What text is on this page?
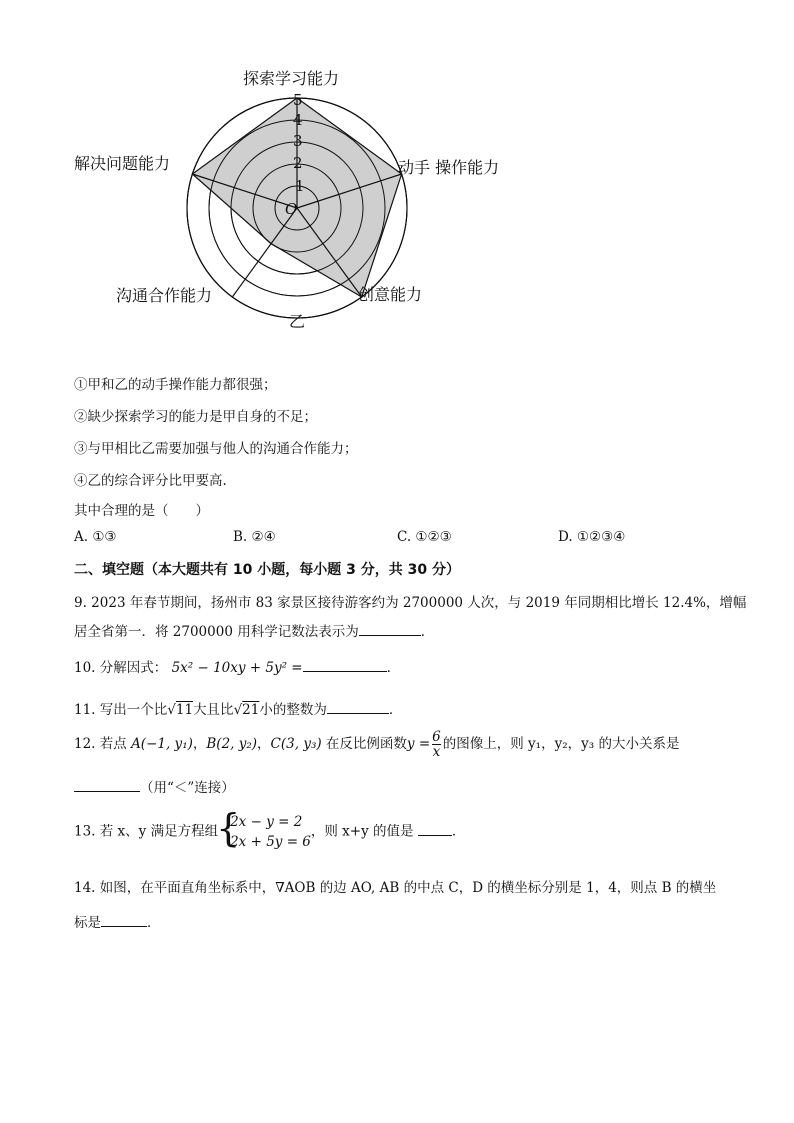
探索学习能力
动手 操作能力
创意能力
沟通合作能力
解决问题能力
5
4
3
2
1
O
乙
①甲和乙的动手操作能力都很强；
②缺少探索学习的能力是甲自身的不足；
③与甲相比乙需要加强与他人的沟通合作能力；
④乙的综合评分比甲要高.
其中合理的是（　　）
A. ①③	B. ②④	C. ①②③	D. ①②③④
二、填空题（本大题共有 10 小题，每小题 3 分，共 30 分）
9. 2023 年春节期间，扬州市 83 家景区接待游客约为 2700000 人次，与 2019 年同期相比增长 12.4%，增幅
居全省第一．将 2700000 用科学记数法表示为	．
10. 分解因式： 5x² − 10xy + 5y² =	．
11. 写出一个比√11大且比√21小的整数为	．
12. 若点 A(−1, y₁)，B(2, y₂)，C(3, y₃) 在反比例函数$y = \frac{6}{x}$ 的图像上，则 y₁，y₂，y₃ 的大小关系是
（用“＜”连接）
13. 若 x、y 满足方程组
{ 2x − y = 2
2x + 5y = 6
，则 x+y 的值是	．
14. 如图，在平面直角坐标系中，∇AOB 的边 AO, AB 的中点 C，D 的横坐标分别是 1，4，则点 B 的横坐
标是	．
